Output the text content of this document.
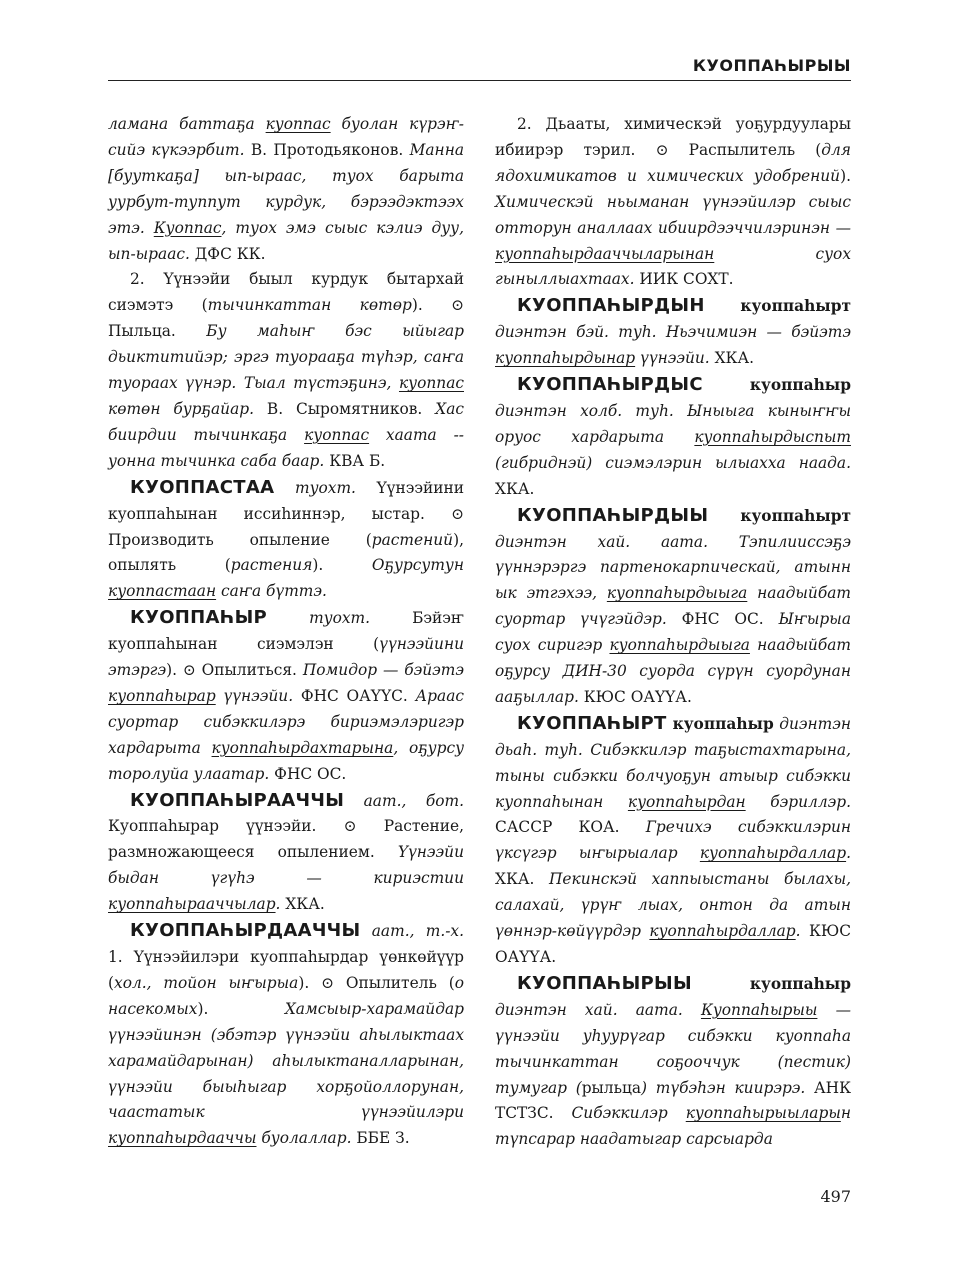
КУОППАҺЫРЫЫ

ламана баттаҕа куоппас буолан күрэҥ-сийэ күкээрбит. В. Протодьяконов. Манна [бууткаҕа] ып-ыраас, туох барыта уурбут-туппут курдук, бэрээдэктээх этэ. Куоппас, туох эмэ сыыс кэлиэ дуу, ып-ыраас. ДФС КК.

2. Үүнээйи быыл курдук бытархай сиэмэтэ (тычинкаттан көтөр). ⊙ Пыльца. Бу маһыҥ бэс ыйыгар дьиктитийэр; эргэ туорааҕа түһэр, саҥа туораах үүнэр. Тыал түстэҕинэ, куоппас көтөн бурҕайар. В. Сыромятников. Хас биирдии тычинкаҕа куоппас хаата -- уонна тычинка саба баар. КВА Б.

КУОППАСТАА туохт. Үүнээйини куоппаһынан иссиһиннэр, ыстар. ⊙ Производить опыление (растений), опылять (растения). Оҕурсутун куоппастаан саҥа бүттэ.

КУОППАҺЫР туохт. Бэйэҥ куоппаһынан сиэмэлэн (үүнээйини этэргэ). ⊙ Опылиться. Помидор — бэйэтэ куоппаһырар үүнээйи. ФНС ОАҮҮС. Араас суортар сибэккилэрэ бириэмэлэригэр хардарыта куоппаһырдахтарына, оҕурсу торолуйа улаатар. ФНС ОС.

КУОППАҺЫРААЧЧЫ аат., бот. Куоппаһырар үүнээйи. ⊙ Растение, размножающееся опылением. Үүнээйи быдан үгүһэ — кириэстии куоппаһырааччылар. ХКА.

КУОППАҺЫРДААЧЧЫ аат., т.-х. 1. Үүнээйилэри куоппаһырдар үөнкөйүүр (хол., тойон ыҥырыа). ⊙ Опылитель (о насекомых). Хамсыыр-харамайдар үүнээйинэн (эбэтэр үүнээйи аһылыктаах харамайдарынан) аһылыктаналларынан, үүнээйи быыһыгар хорҕойоллорунан, чаастатык үүнээйилэри куоппаһырдааччы буолаллар. ББЕ З.

2. Дьааты, химическэй уоҕурдуулары ибиирэр тэрил. ⊙ Распылитель (для ядохимикатов и химических удобрений). Химическэй ньыманан үүнээйилэр сыыс отторун аналлаах ибиирдээччилэринэн — куоппаһырдааччыларынан суох гыныллыахтаах. ИИК СОХТ.

КУОППАҺЫРДЫН куоппаһырт диэнтэн бэй. туһ. Ньэчимиэн — бэйэтэ куоппаһырдынар үүнээйи. ХКА.

КУОППАҺЫРДЫС куоппаһыр диэнтэн холб. туһ. Ыныыга кыныҥҥы оруос хардарыта куоппаһырдыспыт (гибриднэй) сиэмэлэрин ылыахха наада. ХКА.

КУОППАҺЫРДЫЫ куоппаһырт диэнтэн хай. аата. Тэпилиисcэҕэ үүннэрэргэ партенокарпическай, атынн ык этгэхээ, куоппаһырдыыга наадыйбат суортар үчүгэйдэр. ФНС ОС. Ыҥырыа суох сиригэр куоппаһырдыыга наадыйбат оҕурсу ДИН-30 суорда сүрүн суордунан ааҕыллар. КЮС ОАҮҮА.

КУОППАҺЫРТ куоппаһыр диэнтэн дьаһ. туһ. Сибэккилэр таҕыстахтарына, тыны сибэкки болчуоҕун атыыр сибэкки куоппаһынан куоппаһырдан бэриллэр. САССР КОА. Гречихэ сибэккилэрин үксүгэр ыҥырыалар куоппаһырдаллар. ХКА. Пекинскэй хаппыыстаны былахы, салахай, үрүҥ лыах, онтон да атын үөннэр-көйүүрдэр куоппаһырдаллар. КЮС ОАҮҮА.

КУОППАҺЫРЫЫ куоппаһыр диэнтэн хай. аата. Куоппаһырыы — үүнээйи уһуурүгар сибэкки куоппаһа тычинкаттан соҕооччук (пестик) тумугар (рыльца) түбэһэн киирэрэ. АНК ТСТЗС. Сибэккилэр куоппаһырыыларын түпсарар наадатыгар сарсыарда

497
